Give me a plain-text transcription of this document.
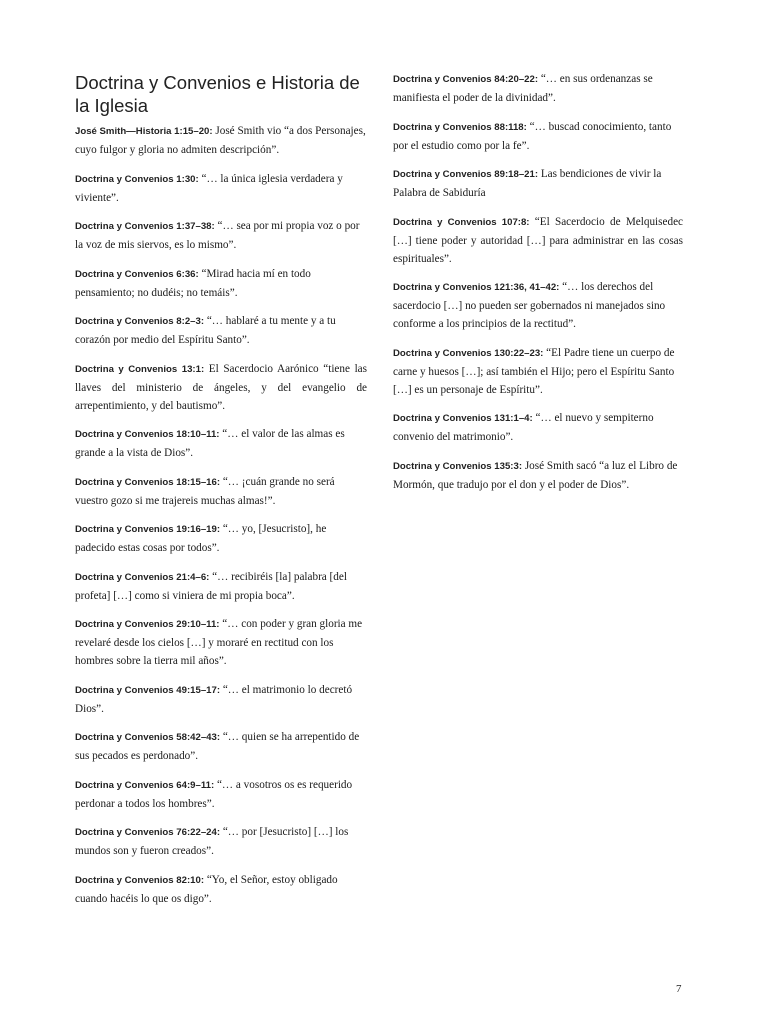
Doctrina y Convenios e Historia de la Iglesia

José Smith—Historia 1:15–20: José Smith vio “a dos Personajes, cuyo fulgor y gloria no admiten descripción”.

Doctrina y Convenios 1:30: “… la única iglesia verdadera y viviente”.

Doctrina y Convenios 1:37–38: “… sea por mi propia voz o por la voz de mis siervos, es lo mismo”.

Doctrina y Convenios 6:36: “Mirad hacia mí en todo pensamiento; no dudéis; no temáis”.

Doctrina y Convenios 8:2–3: “… hablaré a tu mente y a tu corazón por medio del Espíritu Santo”.

Doctrina y Convenios 13:1: El Sacerdocio Aarónico “tiene las llaves del ministerio de ángeles, y del evangelio de arrepentimiento, y del bautismo”.

Doctrina y Convenios 18:10–11: “… el valor de las almas es grande a la vista de Dios”.

Doctrina y Convenios 18:15–16: “… ¡cuán grande no será vuestro gozo si me trajereis muchas almas!”.

Doctrina y Convenios 19:16–19: “… yo, [Jesucristo], he padecido estas cosas por todos”.

Doctrina y Convenios 21:4–6: “… recibiréis [la] palabra [del profeta] […] como si viniera de mi propia boca”.

Doctrina y Convenios 29:10–11: “… con poder y gran gloria me revelaré desde los cielos […] y moraré en rectitud con los hombres sobre la tierra mil años”.

Doctrina y Convenios 49:15–17: “… el matrimonio lo decretó Dios”.

Doctrina y Convenios 58:42–43: “… quien se ha arrepentido de sus pecados es perdonado”.

Doctrina y Convenios 64:9–11: “… a vosotros os es requerido perdonar a todos los hombres”.

Doctrina y Convenios 76:22–24: “… por [Jesucristo] […] los mundos son y fueron creados”.

Doctrina y Convenios 82:10: “Yo, el Señor, estoy obligado cuando hacéis lo que os digo”.

Doctrina y Convenios 84:20–22: “… en sus ordenanzas se manifiesta el poder de la divinidad”.

Doctrina y Convenios 88:118: “… buscad conocimiento, tanto por el estudio como por la fe”.

Doctrina y Convenios 89:18–21: Las bendiciones de vivir la Palabra de Sabiduría

Doctrina y Convenios 107:8: “El Sacerdocio de Melquisedec […] tiene poder y autoridad […] para administrar en las cosas espirituales”.

Doctrina y Convenios 121:36, 41–42: “… los derechos del sacerdocio […] no pueden ser gobernados ni manejados sino conforme a los principios de la rectitud”.

Doctrina y Convenios 130:22–23: “El Padre tiene un cuerpo de carne y huesos […]; así también el Hijo; pero el Espíritu Santo […] es un personaje de Espíritu”.

Doctrina y Convenios 131:1–4: “… el nuevo y sempiterno convenio del matrimonio”.

Doctrina y Convenios 135:3: José Smith sacó “a luz el Libro de Mormón, que tradujo por el don y el poder de Dios”.

7
